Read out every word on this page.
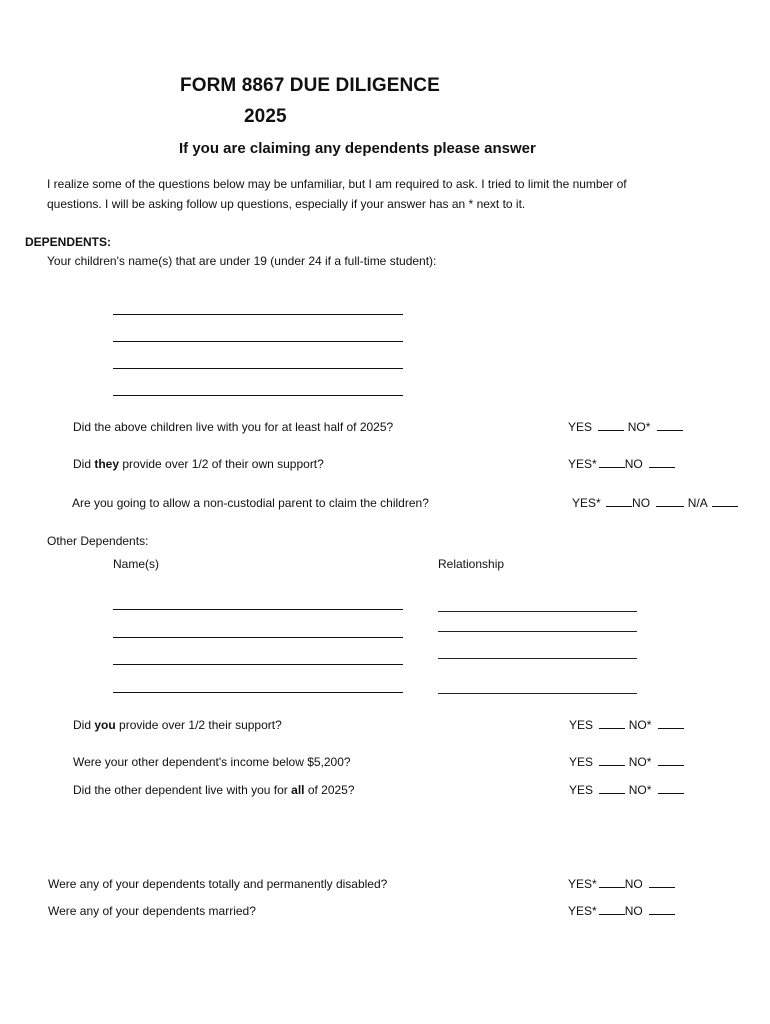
FORM 8867 DUE DILIGENCE
2025
If you are claiming any dependents please answer
I realize some of the questions below may be unfamiliar, but I am required to ask. I tried to limit the number of
questions. I will be asking follow up questions, especially if your answer has an * next to it.
DEPENDENTS:
Your children's name(s) that are under 19 (under 24 if a full-time student):
Did the above children live with you for at least half of 2025?	YES	NO*
Did they provide over 1/2 of their own support?	YES* NO
Are you going to allow a non-custodial parent to claim the children?	YES*	NO	N/A
Other Dependents:
Name(s)	Relationship
Did you provide over 1/2 their support?	YES	NO*
Were your other dependent's income below $5,200?	YES	NO*
Did the other dependent live with you for all of 2025?	YES	NO*
Were any of your dependents totally and permanently disabled?	YES* NO
Were any of your dependents married?	YES* NO
